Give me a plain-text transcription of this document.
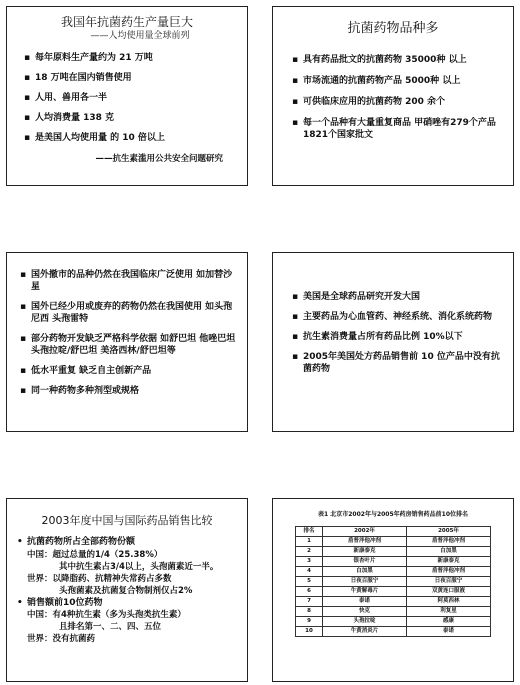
我国年抗菌药生产量巨大
——人均使用量全球前列
▪ 每年原料生产量约为 21 万吨
▪ 18 万吨在国内销售使用
▪ 人用、兽用各一半
▪ 人均消费量 138 克
▪ 是美国人均使用量 的 10 倍以上
——抗生素滥用公共安全问题研究
抗菌药物品种多
▪ 具有药品批文的抗菌药物 35000种 以上
▪ 市场流通的抗菌药物产品 5000种 以上
▪ 可供临床应用的抗菌药物 200 余个
▪ 每一个品种有大量重复商品 甲硝唑有279个产品 1821个国家批文
▪ 国外撤市的品种仍然在我国临床广泛使用 如加替沙星
▪ 国外已经少用或废弃的药物仍然在我国使用 如头孢尼西 头孢雷特
▪ 部分药物开发缺乏严格科学依据 如舒巴坦 他唑巴坦 头孢拉啶/舒巴坦 美洛西林/舒巴坦等
▪ 低水平重复 缺乏自主创新产品
▪ 同一种药物多种剂型或规格
▪ 美国是全球药品研究开发大国
▪ 主要药品为心血管药、神经系统、消化系统药物
▪ 抗生素消费量占所有药品比例 10%以下
▪ 2005年美国处方药品销售前 10 位产品中没有抗菌药物
2003年度中国与国际药品销售比较
• 抗菌药物所占全部药物份额
中国：超过总量的1/4（25.38%）
其中抗生素占3/4以上，头孢菌素近一半。
世界：以降脂药、抗精神失常药占多数
头孢菌素及抗菌复合物制剂仅占2%
• 销售额前10位药物
中国：有4种抗生素（多为头孢类抗生素）
且排名第一、二、四、五位
世界：没有抗菌药
表1 北京市2002年与2005年药房销售药品前10位排名
排名	2002年	2005年
1	盾普泮他冲剂	盾普泮他冲剂
2	新康泰克	白加黑
3	银杏叶片	新康泰克
4	白加黑	盾普泮他冲剂
5	日夜百服宁	日夜百服宁
6	牛黄解毒片	双黄连口服液
7	泰诺	阿莫西林
8	快克	利复星
9	头孢拉啶	感康
10	牛黄消炎片	泰诺
